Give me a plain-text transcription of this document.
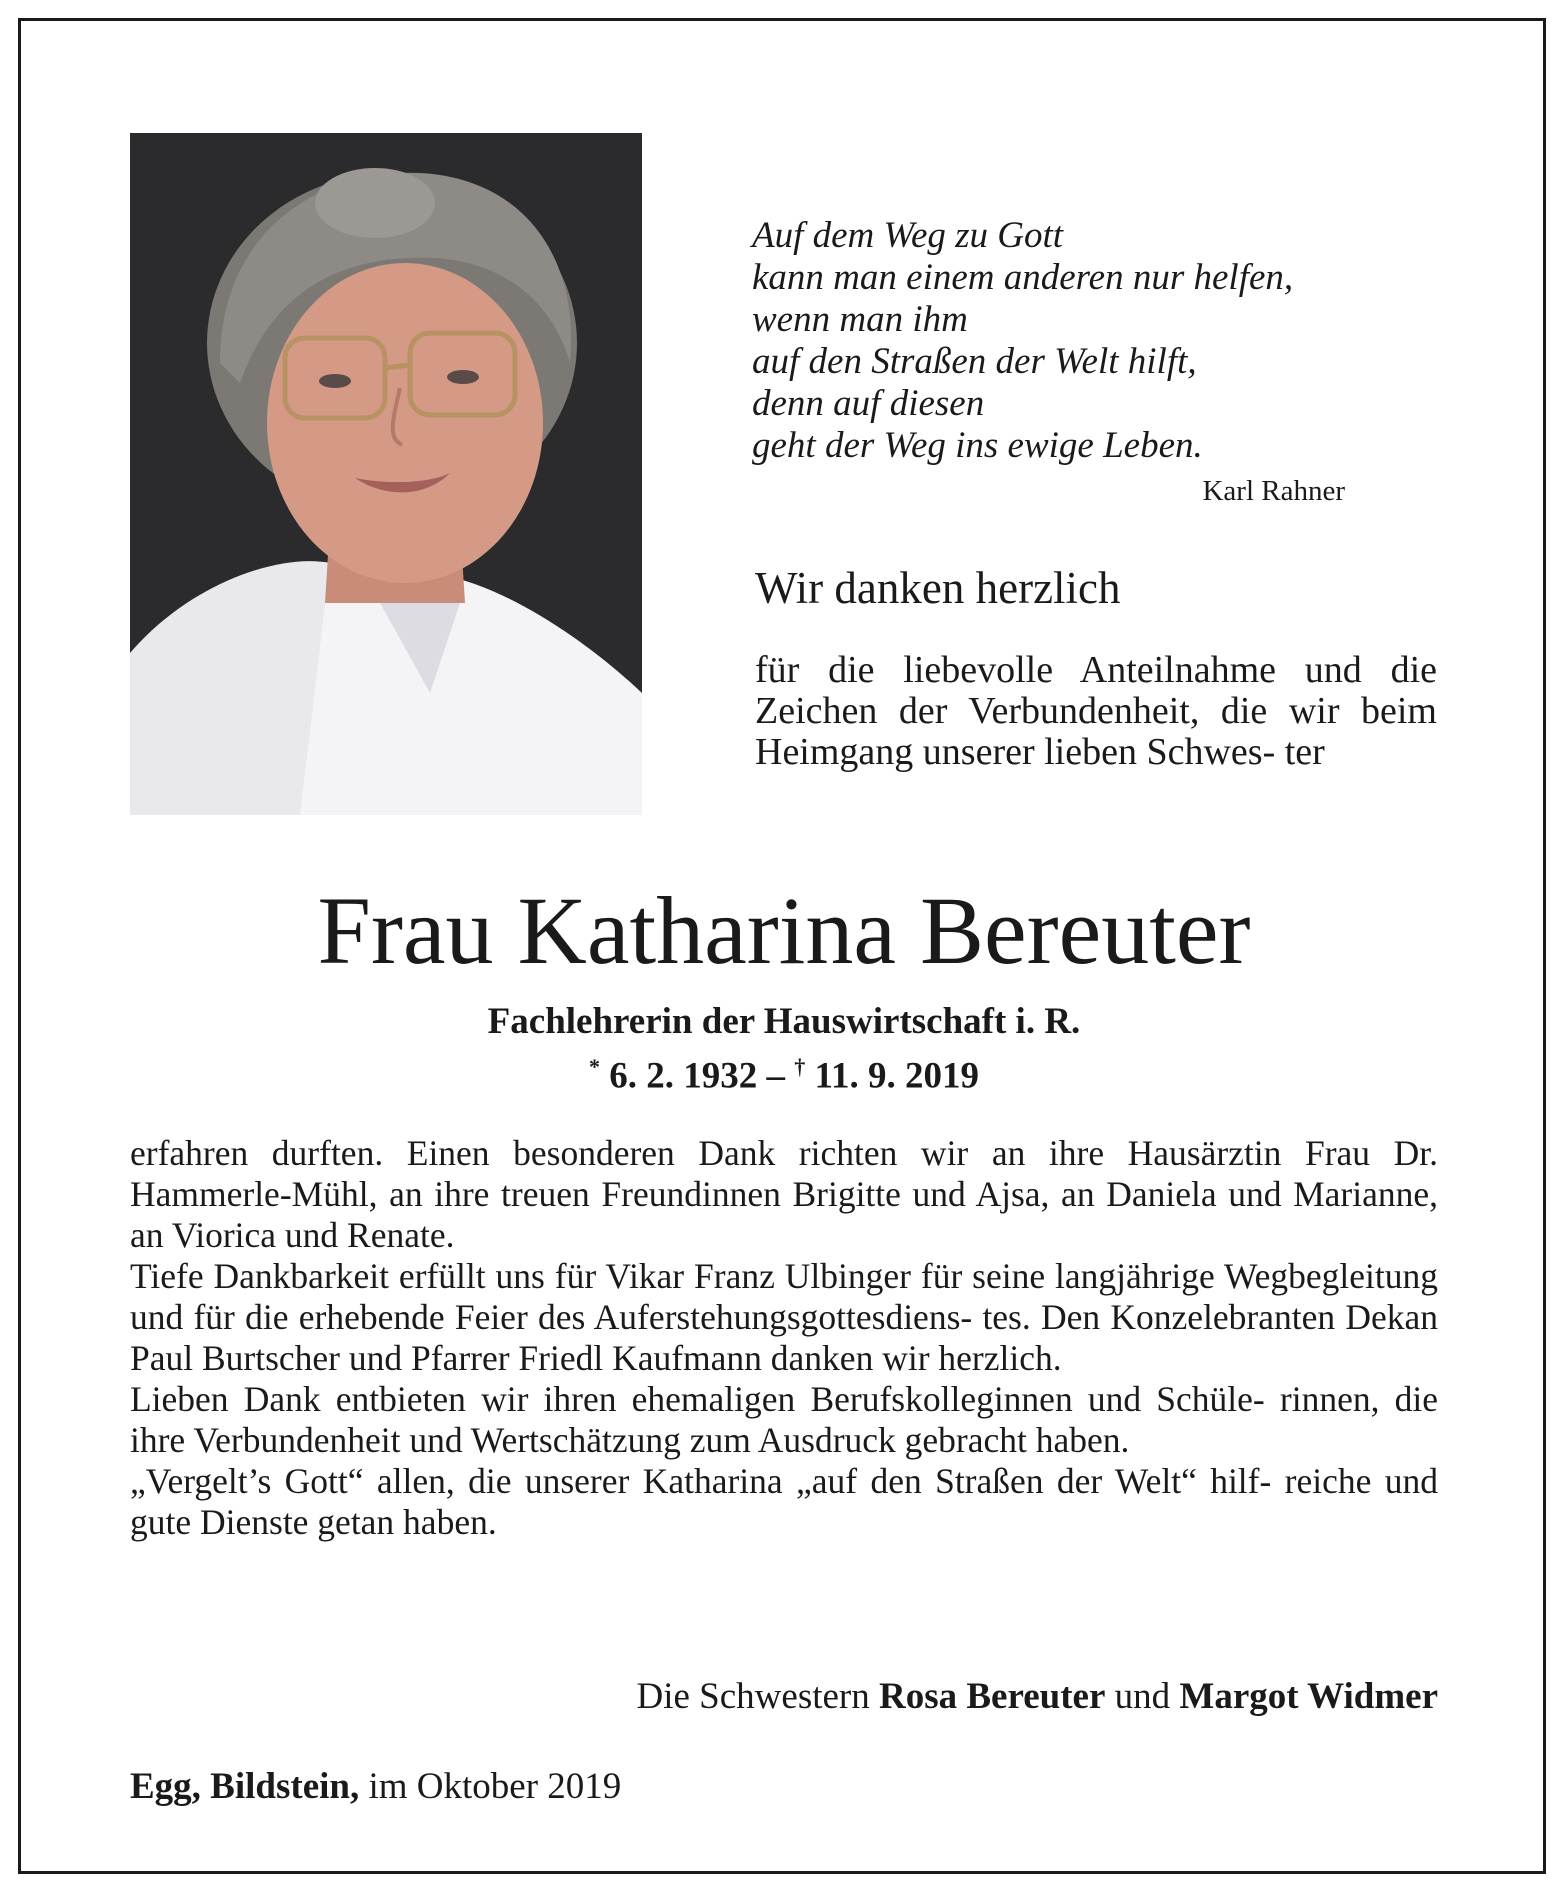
Auf dem Weg zu Gott
kann man einem anderen nur helfen,
wenn man ihm
auf den Straßen der Welt hilft,
denn auf diesen
geht der Weg ins ewige Leben.
Karl Rahner
Wir danken herzlich
für die liebevolle Anteilnahme und die Zeichen der Verbundenheit, die wir beim Heimgang unserer lieben Schwes- ter
Frau Katharina Bereuter
Fachlehrerin der Hauswirtschaft i. R.
* 6. 2. 1932 – † 11. 9. 2019

erfahren durften. Einen besonderen Dank richten wir an ihre Hausärztin Frau Dr. Hammerle-Mühl, an ihre treuen Freundinnen Brigitte und Ajsa, an Daniela und Marianne, an Viorica und Renate.

Tiefe Dankbarkeit erfüllt uns für Vikar Franz Ulbinger für seine langjährige Wegbegleitung und für die erhebende Feier des Auferstehungsgottesdiens- tes. Den Konzelebranten Dekan Paul Burtscher und Pfarrer Friedl Kaufmann danken wir herzlich.

Lieben Dank entbieten wir ihren ehemaligen Berufskolleginnen und Schüle- rinnen, die ihre Verbundenheit und Wertschätzung zum Ausdruck gebracht haben.

„Vergelt’s Gott“ allen, die unserer Katharina „auf den Straßen der Welt“ hilf- reiche und gute Dienste getan haben.

Die Schwestern Rosa Bereuter und Margot Widmer
Egg, Bildstein, im Oktober 2019
